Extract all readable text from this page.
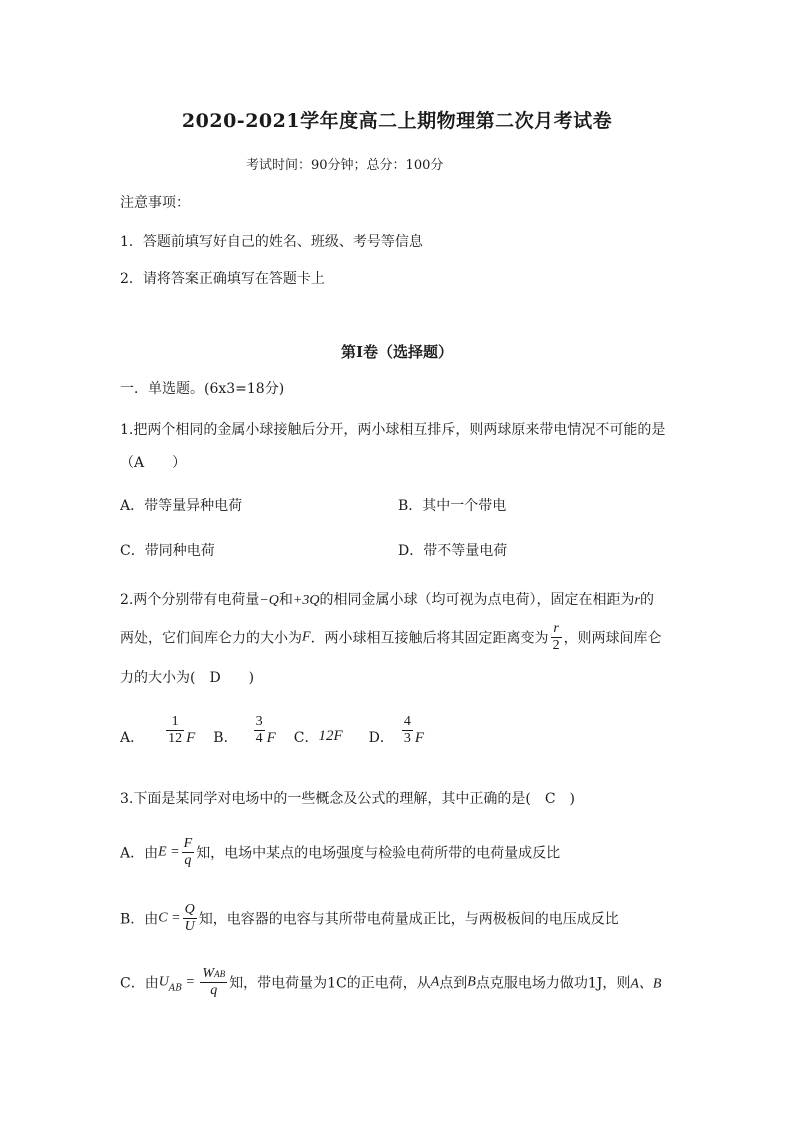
2020-2021学年度高二上期物理第二次月考试卷
考试时间：90分钟；总分：100分
注意事项：
1．答题前填写好自己的姓名、班级、考号等信息
2．请将答案正确填写在答题卡上
第I卷（选择题）
一．单选题。(6x3=18分)
1.把两个相同的金属小球接触后分开，两小球相互排斥，则两球原来带电情况不可能的是
（A　　）
A．带等量异种电荷	B．其中一个带电
C．带同种电荷	D．带不等量电荷
2.两个分别带有电荷量−Q和+3Q的相同金属小球（均可视为点电荷），固定在相距为r的
两处，它们间库仑力的大小为F．两小球相互接触后将其固定距离变为 $\frac{r}{2}$ ，则两球间库仑
力的大小为(　D　　)
A． $\frac{1}{12}$ F B． $\frac{3}{4}$ F C．12F D． $\frac{4}{3}$ F
3.下面是某同学对电场中的一些概念及公式的理解，其中正确的是(　C　)
A．由$E = \frac{F}{q}$ 知，电场中某点的电场强度与检验电荷所带的电荷量成反比
B．由$C = \frac{Q}{U}$ 知，电容器的电容与其所带电荷量成正比，与两极板间的电压成反比
C．由$U_{AB} = \frac{\text{WAB}}{q}$ 知，带电荷量为1C的正电荷，从A点到B点克服电场力做功1J，则A、B
